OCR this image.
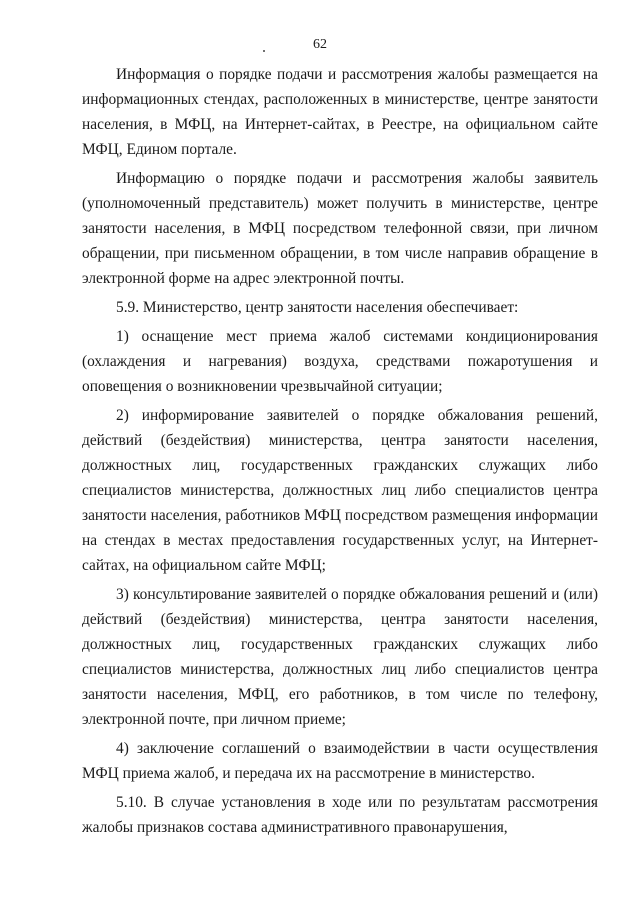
62

Информация о порядке подачи и рассмотрения жалобы размещается на информационных стендах, расположенных в министерстве, центре занятости населения, в МФЦ, на Интернет-сайтах, в Реестре, на официальном сайте МФЦ, Едином портале.

Информацию о порядке подачи и рассмотрения жалобы заявитель (уполномоченный представитель) может получить в министерстве, центре занятости населения, в МФЦ посредством телефонной связи, при личном обращении, при письменном обращении, в том числе направив обращение в электронной форме на адрес электронной почты.

5.9. Министерство, центр занятости населения обеспечивает:

1) оснащение мест приема жалоб системами кондиционирования (охлаждения и нагревания) воздуха, средствами пожаротушения и оповещения о возникновении чрезвычайной ситуации;

2) информирование заявителей о порядке обжалования решений, действий (бездействия) министерства, центра занятости населения, должностных лиц, государственных гражданских служащих либо специалистов министерства, должностных лиц либо специалистов центра занятости населения, работников МФЦ посредством размещения информации на стендах в местах предоставления государственных услуг, на Интернет-сайтах, на официальном сайте МФЦ;

3) консультирование заявителей о порядке обжалования решений и (или) действий (бездействия) министерства, центра занятости населения, должностных лиц, государственных гражданских служащих либо специалистов министерства, должностных лиц либо специалистов центра занятости населения, МФЦ, его работников, в том числе по телефону, электронной почте, при личном приеме;

4) заключение соглашений о взаимодействии в части осуществления МФЦ приема жалоб, и передача их на рассмотрение в министерство.

5.10. В случае установления в ходе или по результатам рассмотрения жалобы признаков состава административного правонарушения,
